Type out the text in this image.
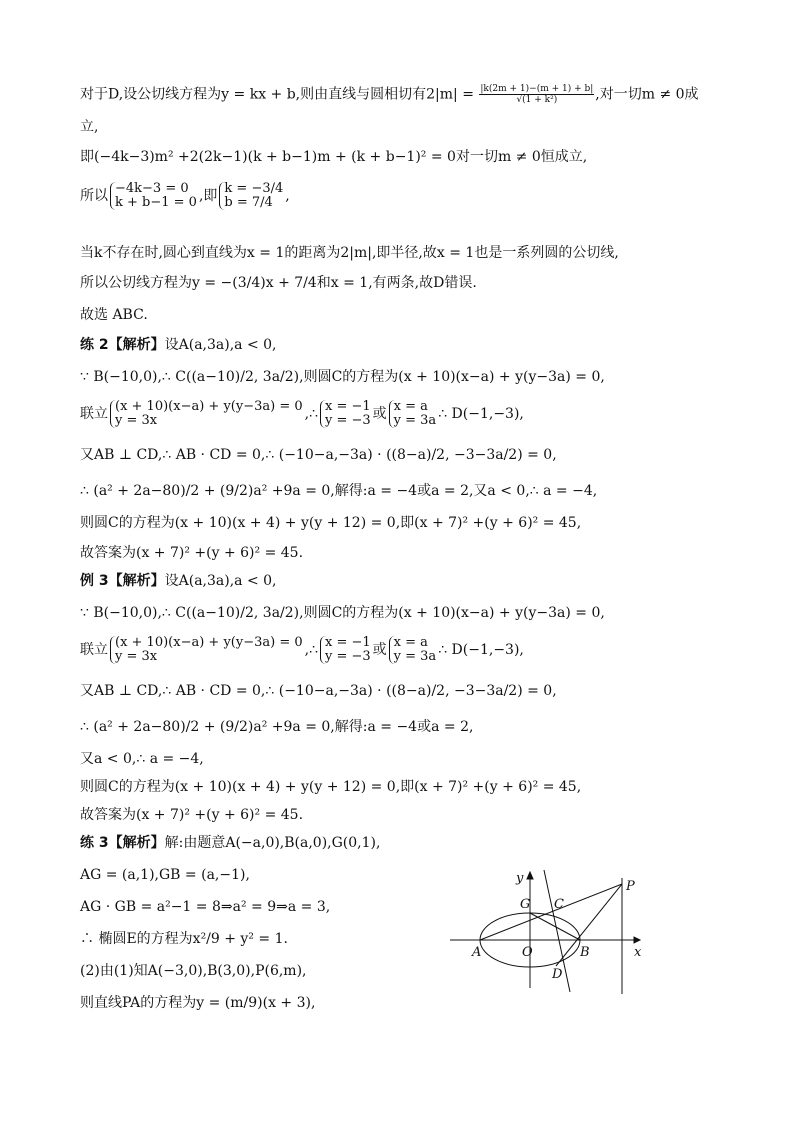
对于D,设公切线方程为y = kx + b,则由直线与圆相切有$2|m| = \frac{|k(2m + 1)-(m + 1) + b|}{\text{√(1 + k²)}}$ ,对一切m ≠ 0成
立,
即(−4k−3)m² +2(2k−1)(k + b−1)m + (k + b−1)² = 0对一切m ≠ 0恒成立,
所以 −4k−3 = 0
k + b−1 = 0 ,即 k = −3/4
b = 7/4 ,
当k不存在时,圆心到直线为x = 1的距离为2|m|,即半径,故x = 1也是一系列圆的公切线,
所以公切线方程为y = −(3/4)x + 7/4和x = 1,有两条,故D错误.
故选 ABC.
练 2【解析】设A(a,3a),a < 0,
∵ B(−10,0),∴ C((a−10)/2, 3a/2),则圆C的方程为(x + 10)(x−a) + y(y−3a) = 0,
联立 (x + 10)(x−a) + y(y−3a) = 0
y = 3x	,∴ x = −1
y = −3 或 x = a
y = 3a ∴ D(−1,−3),
又AB ⊥ CD,∴ AB · CD = 0,∴ (−10−a,−3a) · ((8−a)/2, −3−3a/2) = 0,
∴ (a² + 2a−80)/2 + (9/2)a² +9a = 0,解得:a = −4或a = 2,又a < 0,∴ a = −4,
则圆C的方程为(x + 10)(x + 4) + y(y + 12) = 0,即(x + 7)² +(y + 6)² = 45,
故答案为(x + 7)² +(y + 6)² = 45.
例 3【解析】设A(a,3a),a < 0,
∵ B(−10,0),∴ C((a−10)/2, 3a/2),则圆C的方程为(x + 10)(x−a) + y(y−3a) = 0,
联立 (x + 10)(x−a) + y(y−3a) = 0
y = 3x	,∴ x = −1
y = −3 或 x = a
y = 3a ∴ D(−1,−3),
又AB ⊥ CD,∴ AB · CD = 0,∴ (−10−a,−3a) · ((8−a)/2, −3−3a/2) = 0,
∴ (a² + 2a−80)/2 + (9/2)a² +9a = 0,解得:a = −4或a = 2,
又a < 0,∴ a = −4,
则圆C的方程为(x + 10)(x + 4) + y(y + 12) = 0,即(x + 7)² +(y + 6)² = 45,
故答案为(x + 7)² +(y + 6)² = 45.
练 3【解析】解:由题意A(−a,0),B(a,0),G(0,1),
AG = (a,1),GB = (a,−1),
AG · GB = a²−1 = 8⇒a² = 9⇒a = 3,
∴ 椭圆E的方程为x²/9 + y² = 1.
(2)由(1)知A(−3,0),B(3,0),P(6,m),
则直线PA的方程为y = (m/9)(x + 3),
y
x
G C
P
A	O	B
D
